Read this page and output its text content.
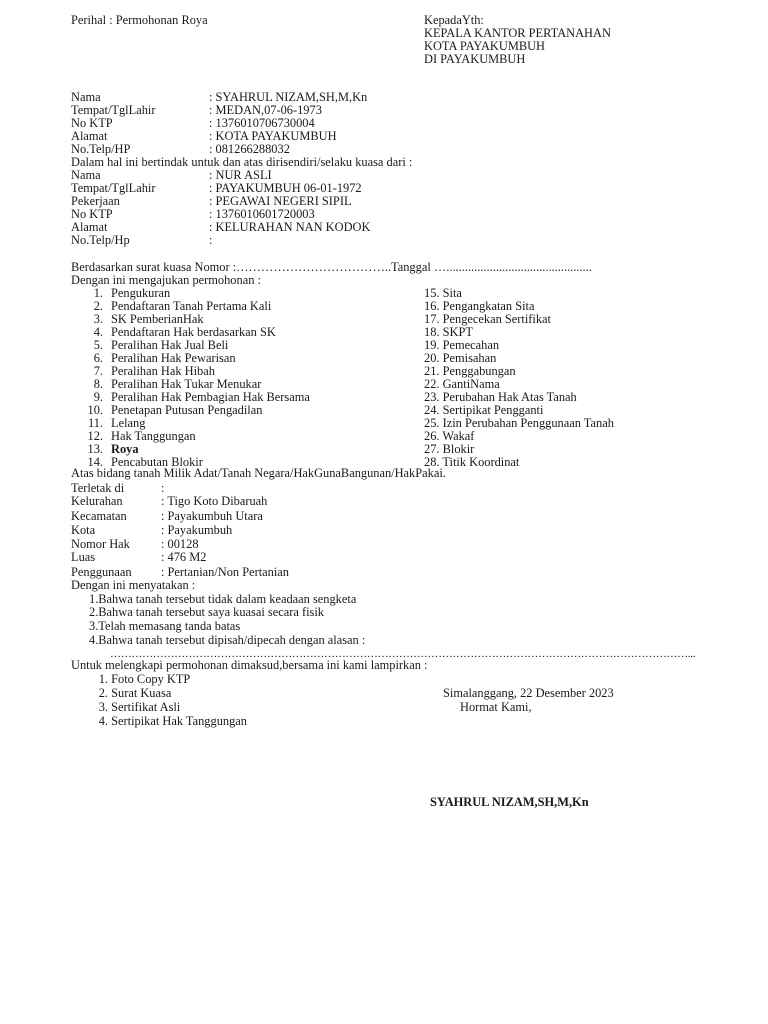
Perihal : Permohonan Roya	KepadaYth:
KEPALA KANTOR PERTANAHAN
KOTA PAYAKUMBUH
DI PAYAKUMBUH
Nama	: SYAHRUL NIZAM,SH,M,Kn
Tempat/TglLahir	: MEDAN,07-06-1973
No KTP	: 1376010706730004
Alamat	: KOTA PAYAKUMBUH
No.Telp/HP	: 081266288032
Dalam hal ini bertindak untuk dan atas dirisendiri/selaku kuasa dari :
Nama	: NUR ASLI
Tempat/TglLahir	: PAYAKUMBUH 06-01-1972
Pekerjaan	: PEGAWAI NEGERI SIPIL
No KTP	: 1376010601720003
Alamat	: KELURAHAN NAN KODOK
No.Telp/Hp	:
Berdasarkan surat kuasa Nomor :………………………………..Tanggal …...............................................
Dengan ini mengajukan permohonan :
1. Pengukuran
2. Pendaftaran Tanah Pertama Kali
3. SK PemberianHak
4. Pendaftaran Hak berdasarkan SK
5. Peralihan Hak Jual Beli
6. Peralihan Hak Pewarisan
7. Peralihan Hak Hibah
8. Peralihan Hak Tukar Menukar
9. Peralihan Hak Pembagian Hak Bersama
10. Penetapan Putusan Pengadilan
11. Lelang
12. Hak Tanggungan
13. Roya
14. Pencabutan Blokir
15. Sita
16. Pengangkatan Sita
17. Pengecekan Sertifikat
18. SKPT
19. Pemecahan
20. Pemisahan
21. Penggabungan
22. GantiNama
23. Perubahan Hak Atas Tanah
24. Sertipikat Pengganti
25. Izin Perubahan Penggunaan Tanah
26. Wakaf
27. Blokir
28. Titik Koordinat
Atas bidang tanah Milik Adat/Tanah Negara/HakGunaBangunan/HakPakai.
Terletak di	:
Kelurahan	: Tigo Koto Dibaruah
Kecamatan	: Payakumbuh Utara
Kota	: Payakumbuh
Nomor Hak	: 00128
Luas	: 476 M2
Penggunaan : Pertanian/Non Pertanian
Dengan ini menyatakan :
1.Bahwa tanah tersebut tidak dalam keadaan sengketa
2.Bahwa tanah tersebut saya kuasai secara fisik
3.Telah memasang tanda batas
4.Bahwa tanah tersebut dipisah/dipecah dengan alasan :
………………………………………………………………………………………………………………………………………………...
Untuk melengkapi permohonan dimaksud,bersama ini kami lampirkan :
1. Foto Copy KTP
2. Surat Kuasa
3. Sertifikat Asli
4. Sertipikat Hak Tanggungan
Simalanggang, 22 Desember 2023
Hormat Kami,
SYAHRUL NIZAM,SH,M,Kn
